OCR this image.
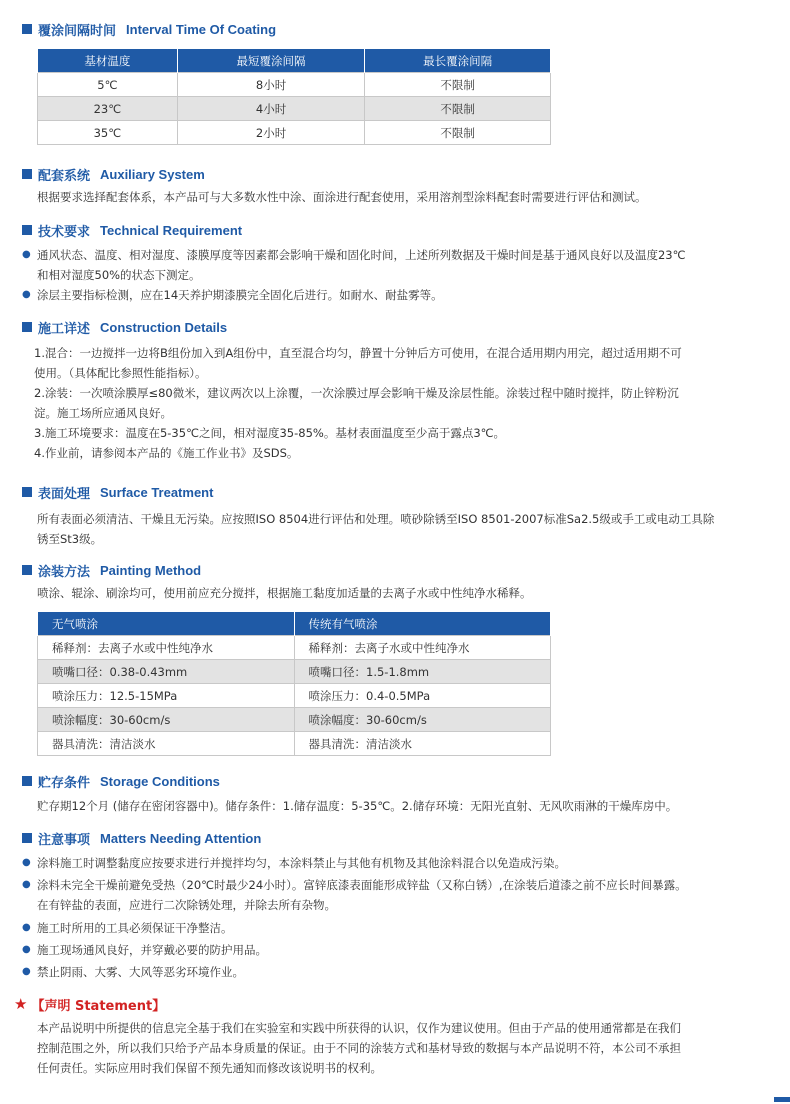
覆涂间隔时间 Interval Time Of Coating
基材温度	最短覆涂间隔	最长覆涂间隔
5℃	8小时	不限制
23℃	4小时	不限制
35℃	2小时	不限制
配套系统 Auxiliary System
根据要求选择配套体系，本产品可与大多数水性中涂、面涂进行配套使用，采用溶剂型涂料配套时需要进行评估和测试。
技术要求 Technical Requirement
● 通风状态、温度、相对湿度、漆膜厚度等因素都会影响干燥和固化时间，上述所列数据及干燥时间是基于通风良好以及温度23℃
和相对湿度50%的状态下测定。
● 涂层主要指标检测，应在14天养护期漆膜完全固化后进行。如耐水、耐盐雾等。
施工详述 Construction Details
1.混合：一边搅拌一边将B组份加入到A组份中，直至混合均匀，静置十分钟后方可使用，在混合适用期内用完，超过适用期不可
使用。（具体配比参照性能指标）。
2.涂装：一次喷涂膜厚≤80微米，建议两次以上涂覆，一次涂膜过厚会影响干燥及涂层性能。涂装过程中随时搅拌，防止锌粉沉
淀。施工场所应通风良好。
3.施工环境要求：温度在5-35℃之间，相对湿度35-85%。基材表面温度至少高于露点3℃。
4.作业前，请参阅本产品的《施工作业书》及SDS。
表面处理 Surface Treatment
所有表面必须清洁、干燥且无污染。应按照ISO 8504进行评估和处理。喷砂除锈至ISO 8501-2007标准Sa2.5级或手工或电动工具除
锈至St3级。
涂装方法 Painting Method
喷涂、辊涂、刷涂均可，使用前应充分搅拌，根据施工黏度加适量的去离子水或中性纯净水稀释。
无气喷涂	传统有气喷涂
稀释剂：去离子水或中性纯净水	稀释剂：去离子水或中性纯净水
喷嘴口径：0.38-0.43mm	喷嘴口径：1.5-1.8mm
喷涂压力：12.5-15MPa	喷涂压力：0.4-0.5MPa
喷涂幅度：30-60cm/s	喷涂幅度：30-60cm/s
器具清洗：清洁淡水	器具清洗：清洁淡水
贮存条件 Storage Conditions
贮存期12个月 (储存在密闭容器中)。储存条件：1.储存温度：5-35℃。2.储存环境：无阳光直射、无风吹雨淋的干燥库房中。
注意事项 Matters Needing Attention
● 涂料施工时调整黏度应按要求进行并搅拌均匀，本涂料禁止与其他有机物及其他涂料混合以免造成污染。
● 涂料未完全干燥前避免受热（20℃时最少24小时）。富锌底漆表面能形成锌盐（又称白锈）,在涂装后道漆之前不应长时间暴露。
在有锌盐的表面，应进行二次除锈处理，并除去所有杂物。
● 施工时所用的工具必须保证干净整洁。
● 施工现场通风良好，并穿戴必要的防护用品。
● 禁止阴雨、大雾、大风等恶劣环境作业。
★ 【声明 Statement】
本产品说明中所提供的信息完全基于我们在实验室和实践中所获得的认识，仅作为建议使用。但由于产品的使用通常都是在我们
控制范围之外，所以我们只给予产品本身质量的保证。由于不同的涂装方式和基材导致的数据与本产品说明不符，本公司不承担
任何责任。实际应用时我们保留不预先通知而修改该说明书的权利。
